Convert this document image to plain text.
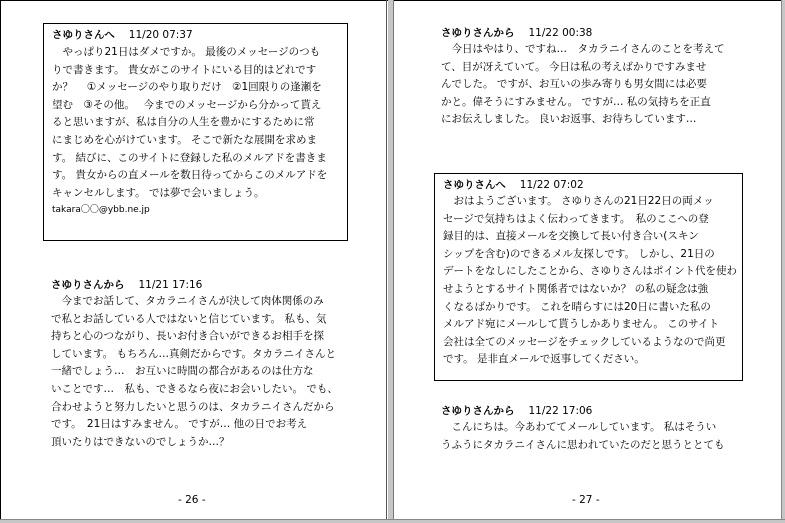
さゆりさんへ 11/20 07:37
　やっぱり21日はダメですか。 最後のメッセージのつも
りで書きます。 貴女がこのサイトにいる目的はどれです
か？　 ①メッセージのやり取りだけ　②1回限りの逢瀬を
望む　③その他。　 今までのメッセージから分かって貰え
ると思いますが、私は自分の人生を豊かにするために常
にまじめを心がけています。 そこで新たな展開を求めま
す。 結びに、このサイトに登録した私のメルアドを書きま
す。 貴女からの直メールを数日待ってからこのメルアドを
キャンセルします。 では夢で会いましょう。
takara〇〇@ybb.ne.jp
さゆりさんから 11/21 17:16
　今までお話して、タカラニイさんが決して肉体関係のみ
で私とお話している人ではないと信じています。 私も、気
持ちと心のつながり、長いお付き合いができるお相手を探
しています。 もちろん…真剣だからです。タカラニイさんと
一緒でしょう…　お互いに時間の都合があるのは仕方な
いことです…　私も、できるなら夜にお会いしたい。 でも、
合わせようと努力したいと思うのは、タカラニイさんだから
です。　21日はすみません。 ですが… 他の日でお考え
頂いたりはできないのでしょうか…？
- 26 -
さゆりさんから 11/22 00:38
　今日はやはり、ですね…　タカラニイさんのことを考えて
て、目が冴えていて。 今日は私の考えばかりですみませ
んでした。 ですが、お互いの歩み寄りも男女間には必要
かと。偉そうにすみません。 ですが… 私の気持ちを正直
にお伝えしました。 良いお返事、お待ちしています…
さゆりさんへ 11/22 07:02
　おはようございます。 さゆりさんの21日22日の両メッ
セージで気持ちはよく伝わってきます。　私のここへの登
録目的は、直接メールを交換して長い付き合い(スキン
シップを含む)のできるメル友探しです。 しかし、21日の
デートをなしにしたことから、さゆりさんはポイント代を使わ
せようとするサイト関係者ではないか？ の私の疑念は強
くなるばかりです。 これを晴らすには20日に書いた私の
メルアド宛にメールして貰うしかありません。 このサイト
会社は全てのメッセージをチェックしているようなので尚更
です。 是非直メールで返事してください。
さゆりさんから 11/22 17:06
　こんにちは。今あわててメールしています。 私はそうい
うふうにタカラニイさんに思われていたのだと思うととても
- 27 -
